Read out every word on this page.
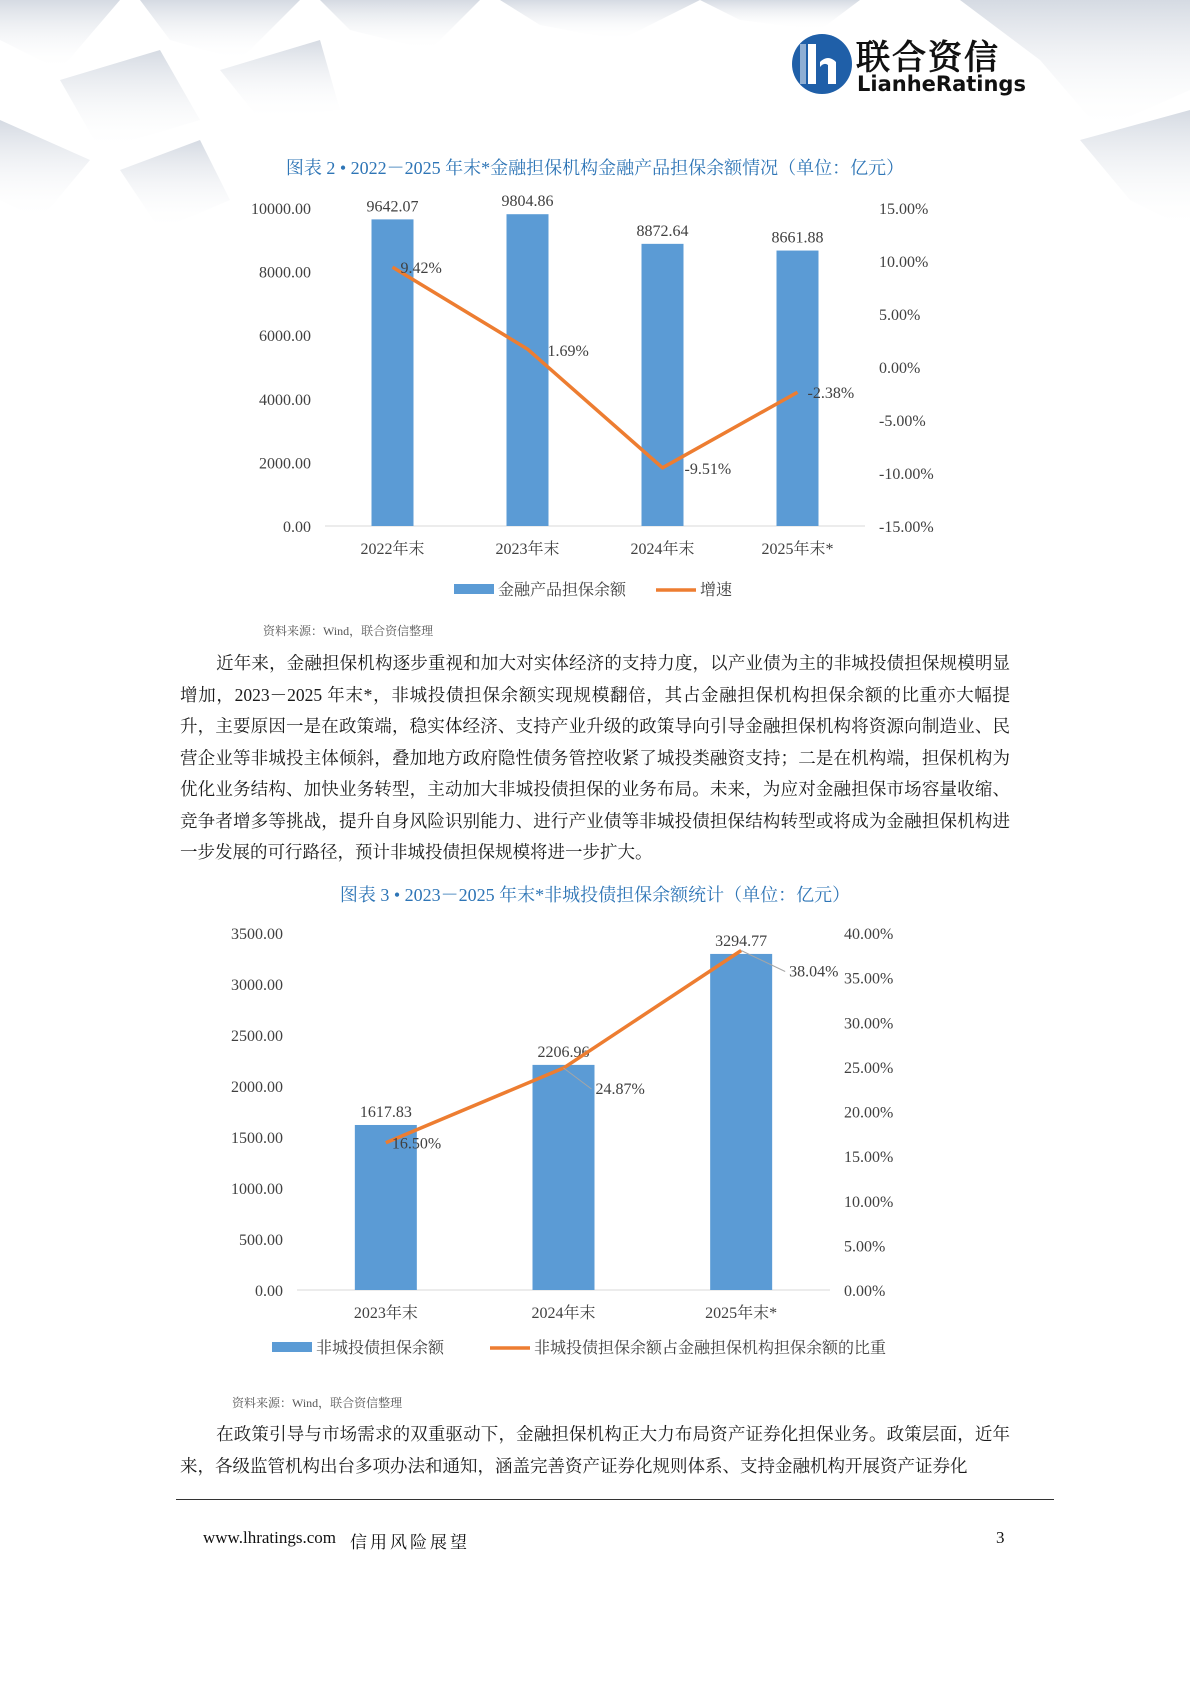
联合资信
LianheRatings
图表 2 • 2022－2025 年末*金融担保机构金融产品担保余额情况（单位：亿元）
0.00
2000.00
4000.00
6000.00
8000.00
10000.00
-15.00%
-10.00%
-5.00%
0.00%
5.00%
10.00%
15.00%
9642.07	9804.86
8872.64	8661.88
2022年末	2023年末	2024年末	2025年末*
9.42%
1.69%
-9.51%
-2.38%
金融产品担保余额	增速
资料来源：Wind，联合资信整理
近年来，金融担保机构逐步重视和加大对实体经济的支持力度，以产业债为主的非城投债担保规模明显增加，2023－2025 年末*，非城投债担保余额实现规模翻倍，其占金融担保机构担保余额的比重亦大幅提升，主要原因一是在政策端，稳实体经济、支持产业升级的政策导向引导金融担保机构将资源向制造业、民营企业等非城投主体倾斜，叠加地方政府隐性债务管控收紧了城投类融资支持；二是在机构端，担保机构为优化业务结构、加快业务转型，主动加大非城投债担保的业务布局。未来，为应对金融担保市场容量收缩、竞争者增多等挑战，提升自身风险识别能力、进行产业债等非城投债担保结构转型或将成为金融担保机构进一步发展的可行路径，预计非城投债担保规模将进一步扩大。
图表 3 • 2023－2025 年末*非城投债担保余额统计（单位：亿元）
0.00
500.00
1000.00
1500.00
2000.00
2500.00
3000.00
3500.00
0.00%
5.00%
10.00%
15.00%
20.00%
25.00%
30.00%
35.00%
40.00%
1617.83
2206.96
3294.77
2023年末	2024年末	2025年末*
16.50%
24.87%
38.04%
非城投债担保余额	非城投债担保余额占金融担保机构担保余额的比重
资料来源：Wind，联合资信整理
在政策引导与市场需求的双重驱动下，金融担保机构正大力布局资产证券化担保业务。政策层面，近年来，各级监管机构出台多项办法和通知，涵盖完善资产证券化规则体系、支持金融机构开展资产证券化
www.lhratings.com 信用风险展望	3
